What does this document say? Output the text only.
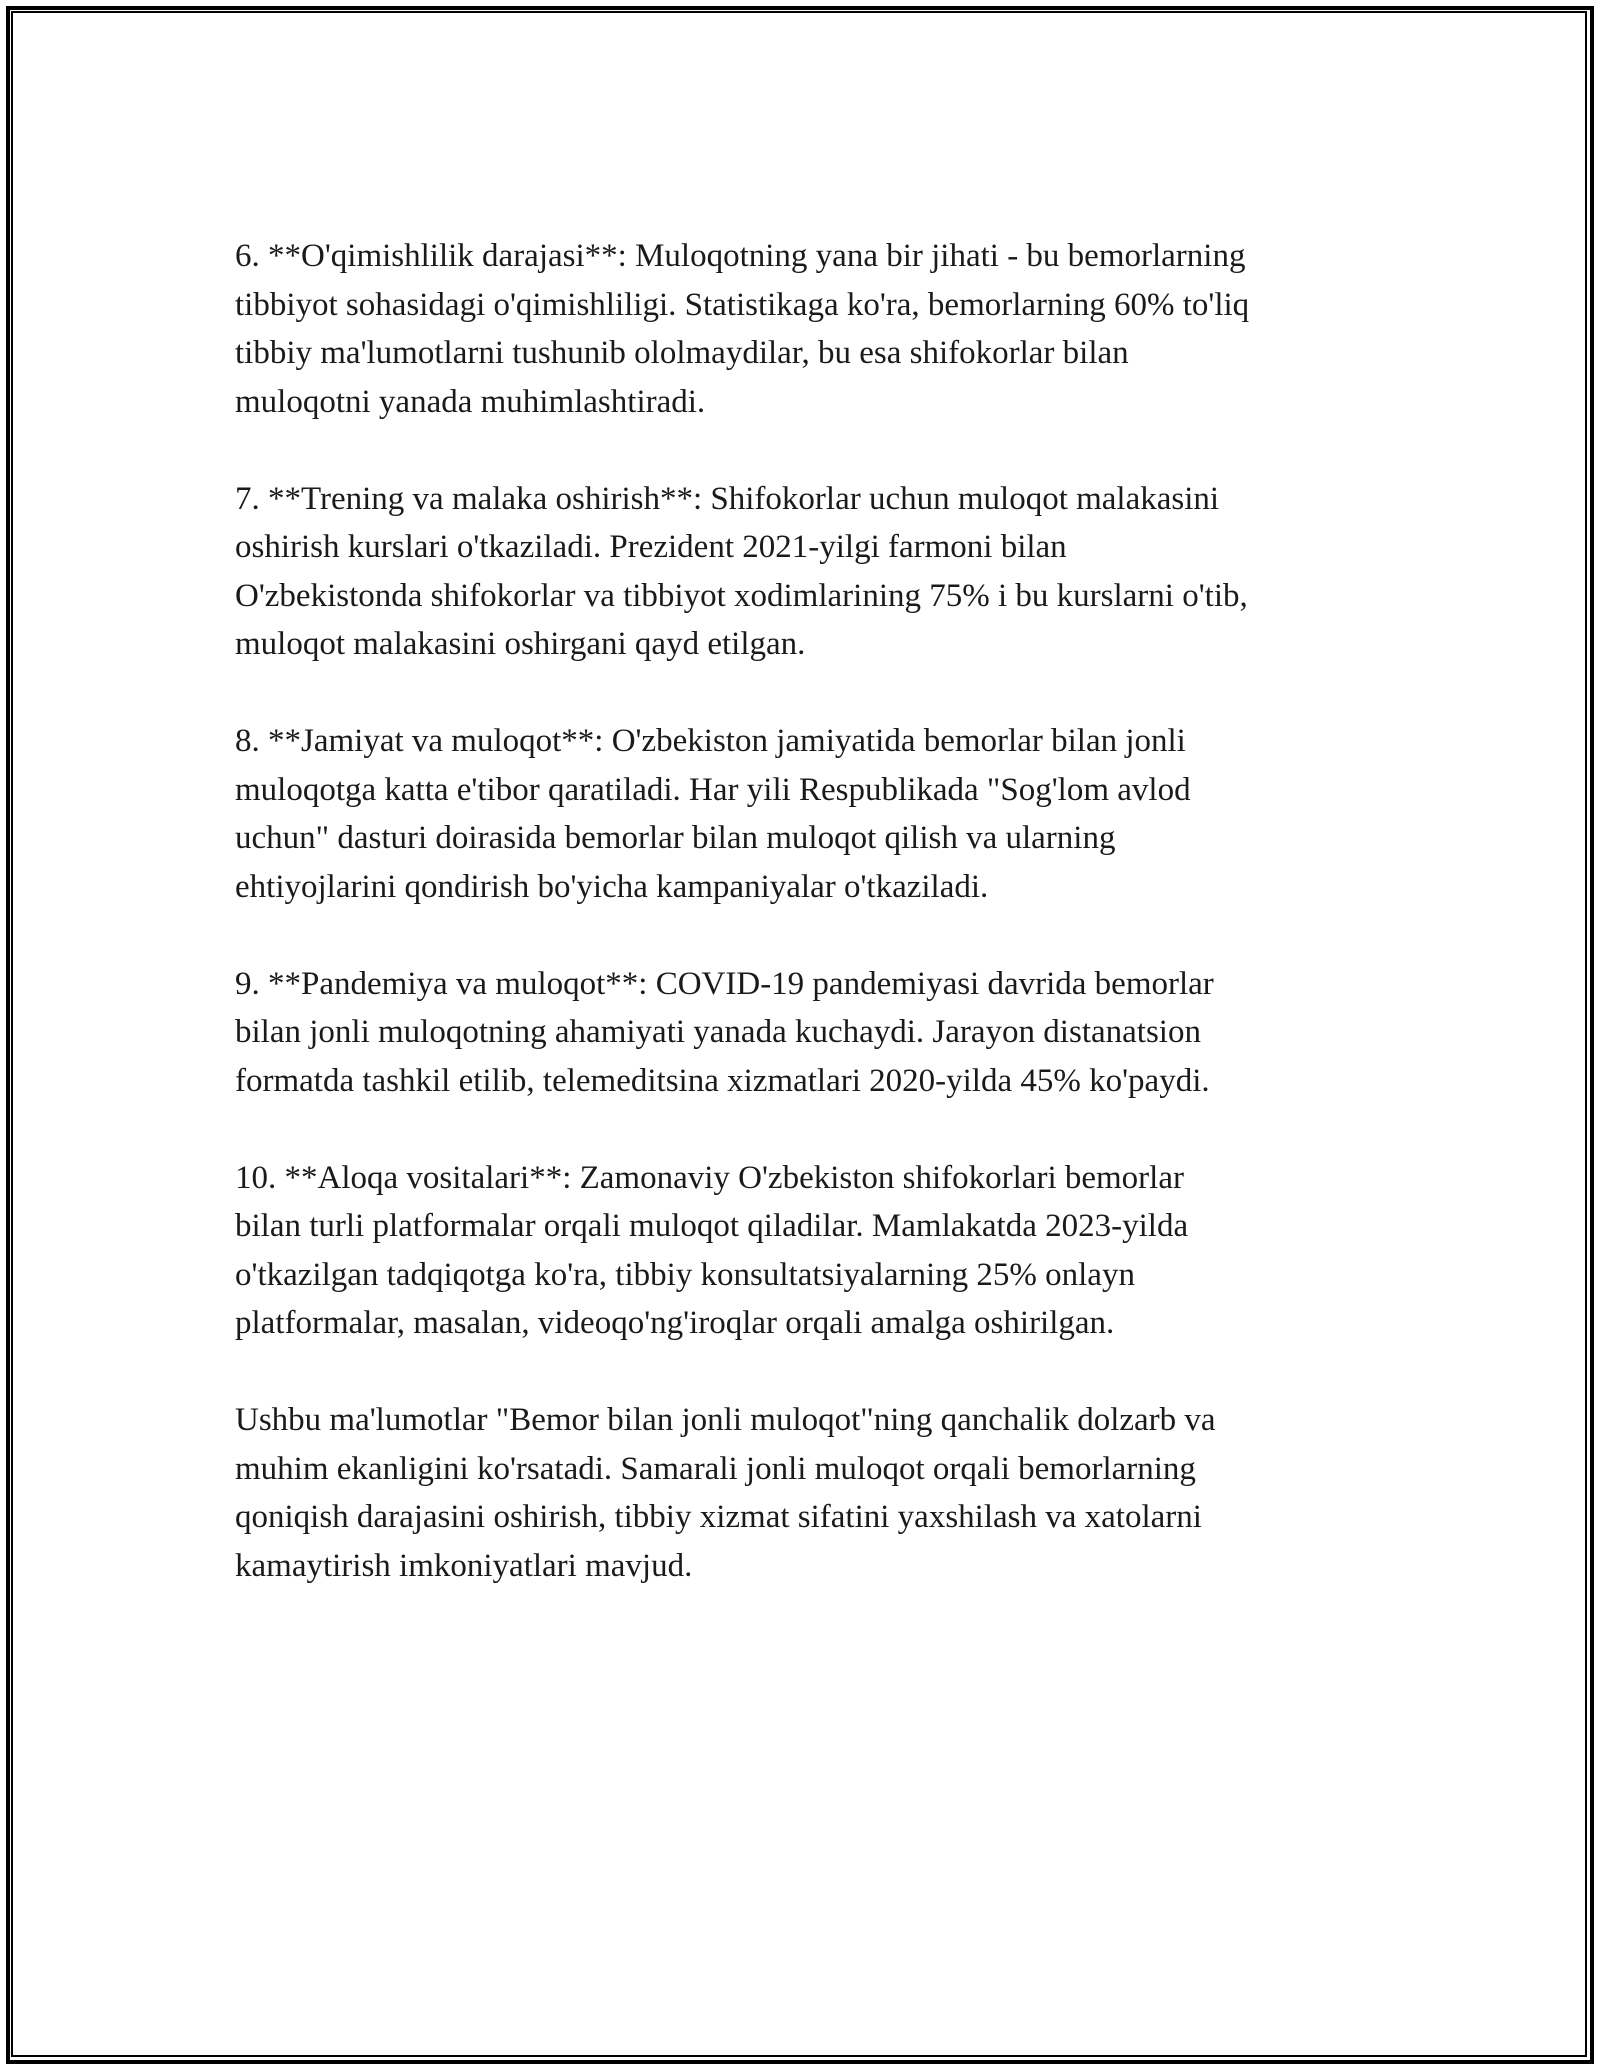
6. **O'qimishlilik darajasi**: Muloqotning yana bir jihati - bu bemorlarning
tibbiyot sohasidagi o'qimishliligi. Statistikaga ko'ra, bemorlarning 60% to'liq
tibbiy ma'lumotlarni tushunib ololmaydilar, bu esa shifokorlar bilan
muloqotni yanada muhimlashtiradi.

7. **Trening va malaka oshirish**: Shifokorlar uchun muloqot malakasini
oshirish kurslari o'tkaziladi. Prezident 2021-yilgi farmoni bilan
O'zbekistonda shifokorlar va tibbiyot xodimlarining 75% i bu kurslarni o'tib,
muloqot malakasini oshirgani qayd etilgan.

8. **Jamiyat va muloqot**: O'zbekiston jamiyatida bemorlar bilan jonli
muloqotga katta e'tibor qaratiladi. Har yili Respublikada "Sog'lom avlod
uchun" dasturi doirasida bemorlar bilan muloqot qilish va ularning
ehtiyojlarini qondirish bo'yicha kampaniyalar o'tkaziladi.

9. **Pandemiya va muloqot**: COVID-19 pandemiyasi davrida bemorlar
bilan jonli muloqotning ahamiyati yanada kuchaydi. Jarayon distanatsion
formatda tashkil etilib, telemeditsina xizmatlari 2020-yilda 45% ko'paydi.

10. **Aloqa vositalari**: Zamonaviy O'zbekiston shifokorlari bemorlar
bilan turli platformalar orqali muloqot qiladilar. Mamlakatda 2023-yilda
o'tkazilgan tadqiqotga ko'ra, tibbiy konsultatsiyalarning 25% onlayn
platformalar, masalan, videoqo'ng'iroqlar orqali amalga oshirilgan.

Ushbu ma'lumotlar "Bemor bilan jonli muloqot"ning qanchalik dolzarb va
muhim ekanligini ko'rsatadi. Samarali jonli muloqot orqali bemorlarning
qoniqish darajasini oshirish, tibbiy xizmat sifatini yaxshilash va xatolarni
kamaytirish imkoniyatlari mavjud.
